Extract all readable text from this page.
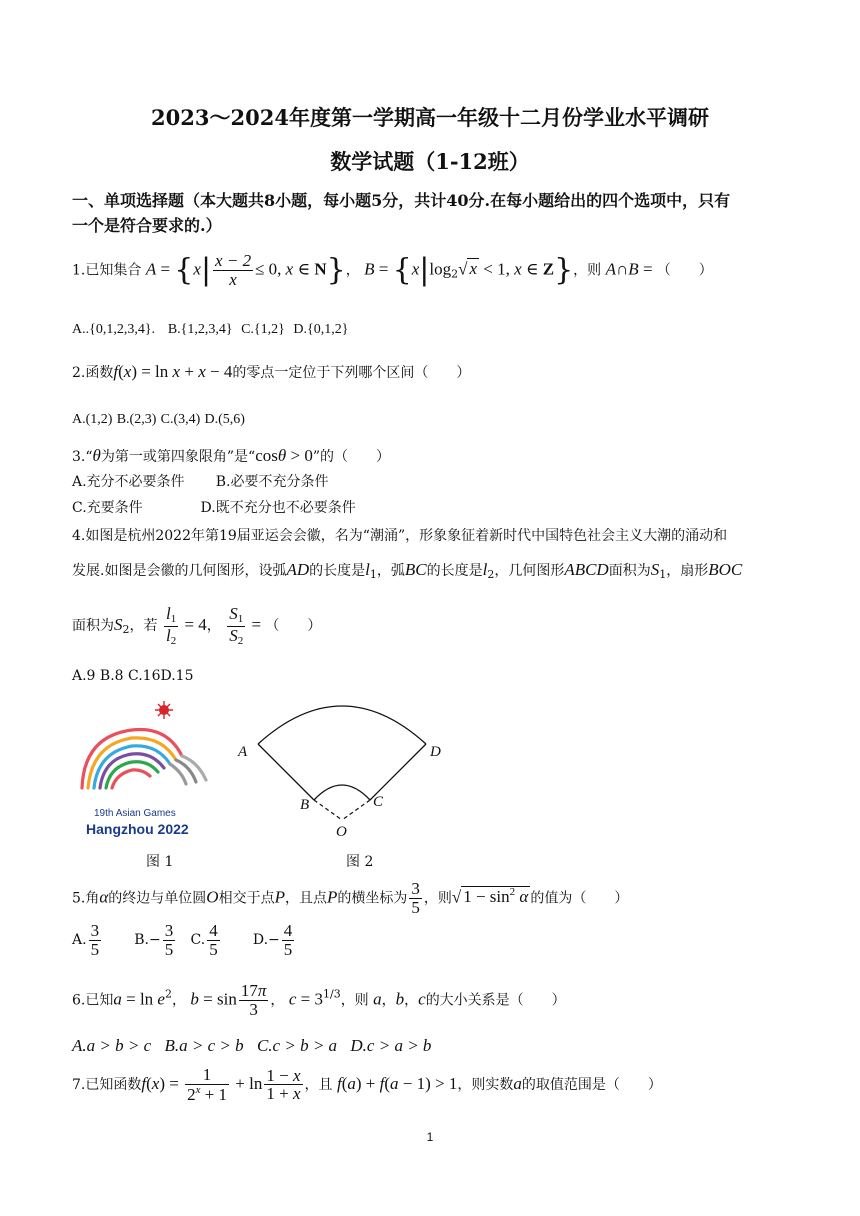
2023～2024年度第一学期高一年级十二月份学业水平调研
数学试题（1-12班）
一、单项选择题（本大题共8小题，每小题5分，共计40分.在每小题给出的四个选项中，只有
一个是符合要求的.）
1.已知集合 $A = \{x| \frac{x - 2}{x} \le 0$, x ∈ N}， $B = \{x|\log_2√$ x < 1, x ∈ Z}，则 A∩B = （　　）
A..{0,1,2,3,4}. B.{1,2,3,4} C.{1,2} D.{0,1,2}
2.函数f(x) = ln x + x − 4的零点一定位于下列哪个区间（　　）
A.(1,2) B.(2,3) C.(3,4) D.(5,6)
3.“θ为第一或第四象限角”是“cosθ > 0”的（　　）
A.充分不必要条件 B.必要不充分条件
C.充要条件	D.既不充分也不必要条件
4.如图是杭州2022年第19届亚运会会徽，名为“潮涌”，形象象征着新时代中国特色社会主义大潮的涌动和
发展.如图是会徽的几何图形，设弧AD的长度是$l_1$，弧BC的长度是$l_2$，几何图形ABCD面积为$S_1$，扇形BOC
面积为$S_2$，若 $\frac{l_1}{l_2} = 4$， $\frac{S_1}{S_2}$ = （　　）
A.9 B.8 C.16D.15
19th Asian Games
Hangzhou 2022
A	D
B	C
O
图 1	图 2
5.角α的终边与单位圆O相交于点P，且点P的横坐标为 $\frac{3}{5}$ ，则√ $1 - \sin^2 \alpha$ 的值为（　　）
A. $\frac{3}{5} B.- \frac{3}{5} C$. $\frac{4}{5} D.- \frac{4}{5}$
6.已知$a = \ln e^2$， $b = \sin \frac{17\pi}{3}$ ， $c = 3^{1/3}$，则 a，b，c的大小关系是（　　）
A.a > b > c B.a > c > b C.c > b > a D.c > a > b
7.已知函数$f(x) = \frac{1}{2^x + 1} + \ln \frac{1 - x}{1 + x}$ ，且 f(a) + f(a − 1) > 1，则实数a的取值范围是（　　）
1
